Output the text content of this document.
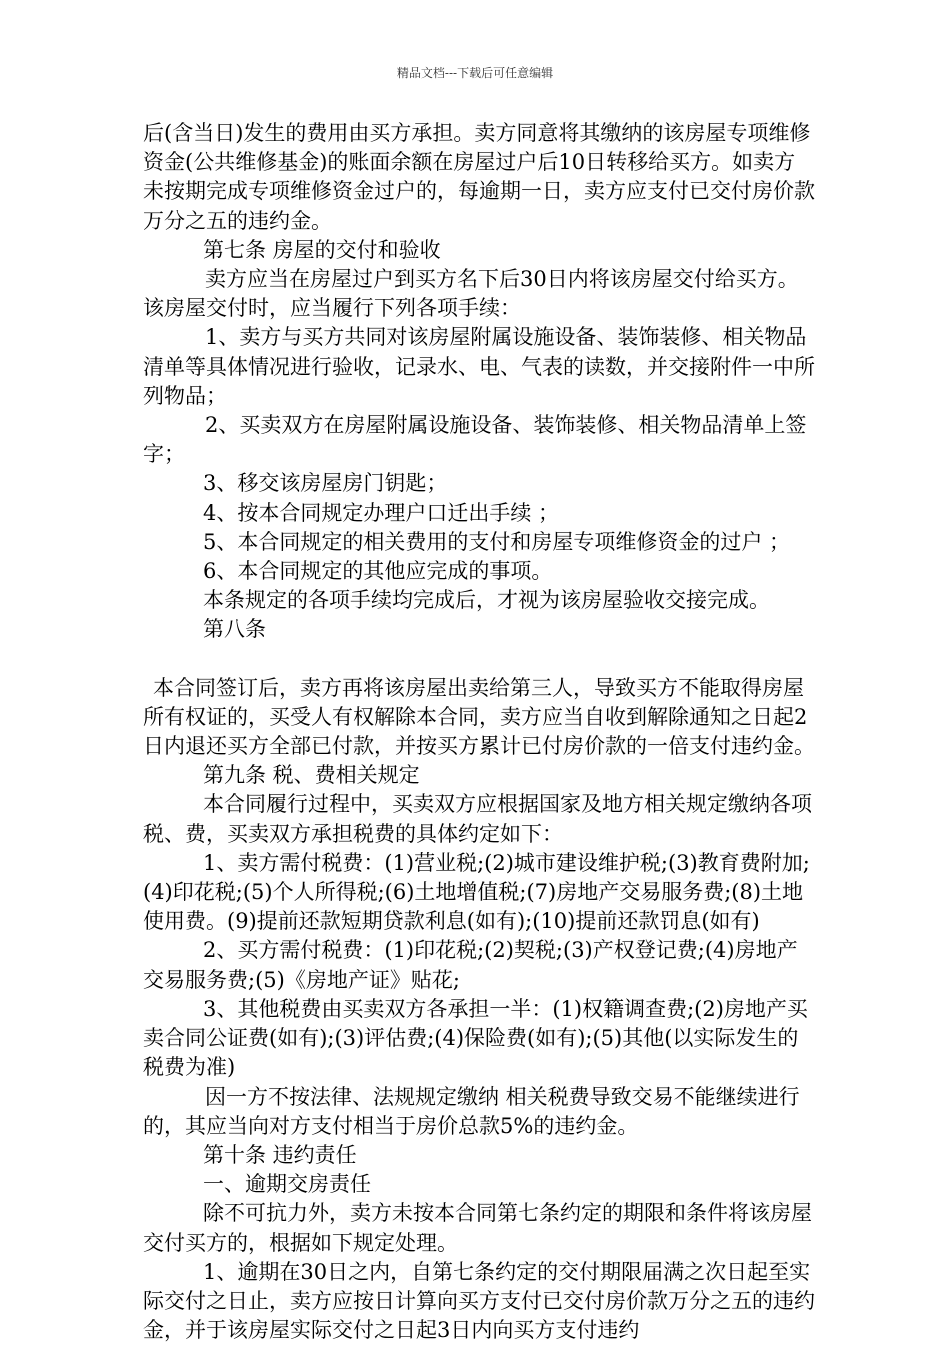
精品文档---下载后可任意编辑

后(含当日)发生的费用由买方承担。卖方同意将其缴纳的该房屋专项维修资金(公共维修基金)的账面余额在房屋过户后10日转移给买方。如卖方未按期完成专项维修资金过户的，每逾期一日，卖方应支付已交付房价款万分之五的违约金。

第七条 房屋的交付和验收

卖方应当在房屋过户到买方名下后30日内将该房屋交付给买方。该房屋交付时，应当履行下列各项手续：

1、卖方与买方共同对该房屋附属设施设备、装饰装修、相关物品清单等具体情况进行验收，记录水、电、气表的读数，并交接附件一中所列物品；

2、买卖双方在房屋附属设施设备、装饰装修、相关物品清单上签字；

3、移交该房屋房门钥匙；

4、按本合同规定办理户口迁出手续 ；

5、本合同规定的相关费用的支付和房屋专项维修资金的过户 ；

6、本合同规定的其他应完成的事项。

本条规定的各项手续均完成后，才视为该房屋验收交接完成。

第八条

本合同签订后，卖方再将该房屋出卖给第三人，导致买方不能取得房屋所有权证的，买受人有权解除本合同，卖方应当自收到解除通知之日起2日内退还买方全部已付款，并按买方累计已付房价款的一倍支付违约金。

第九条 税、费相关规定

本合同履行过程中，买卖双方应根据国家及地方相关规定缴纳各项税、费，买卖双方承担税费的具体约定如下：

1、卖方需付税费：(1)营业税;(2)城市建设维护税;(3)教育费附加;(4)印花税;(5)个人所得税;(6)土地增值税;(7)房地产交易服务费;(8)土地使用费。(9)提前还款短期贷款利息(如有);(10)提前还款罚息(如有)

2、买方需付税费：(1)印花税;(2)契税;(3)产权登记费;(4)房地产交易服务费;(5)《房地产证》贴花;

3、其他税费由买卖双方各承担一半：(1)权籍调查费;(2)房地产买卖合同公证费(如有);(3)评估费;(4)保险费(如有);(5)其他(以实际发生的税费为准)

因一方不按法律、法规规定缴纳 相关税费导致交易不能继续进行的，其应当向对方支付相当于房价总款5%的违约金。

第十条 违约责任

一、逾期交房责任

除不可抗力外，卖方未按本合同第七条约定的期限和条件将该房屋交付买方的，根据如下规定处理。

1、逾期在30日之内，自第七条约定的交付期限届满之次日起至实际交付之日止，卖方应按日计算向买方支付已交付房价款万分之五的违约金，并于该房屋实际交付之日起3日内向买方支付违约
